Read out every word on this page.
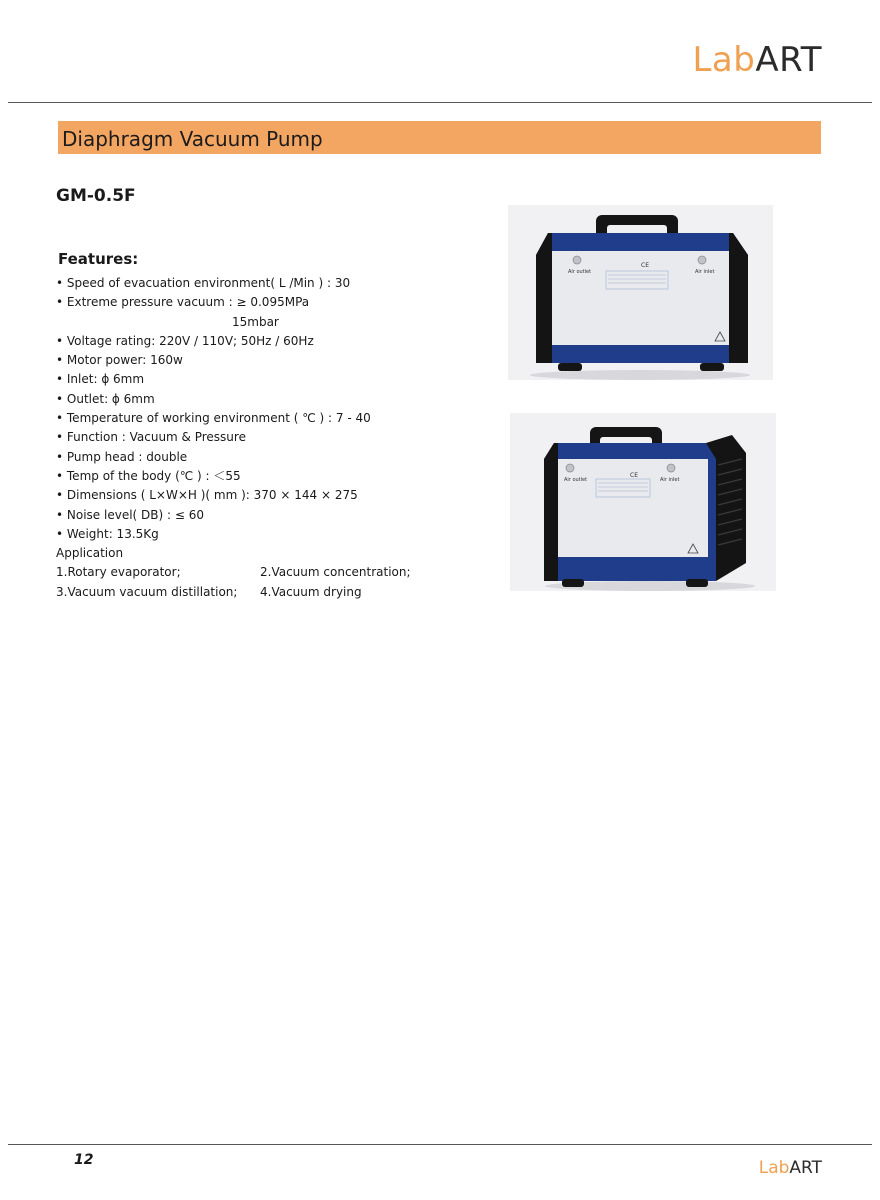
LabART
Diaphragm Vacuum Pump
GM-0.5F
Features:
• Speed of evacuation environment( L /Min ) : 30
• Extreme pressure vacuum : ≥ 0.095MPa
15mbar
• Voltage rating: 220V / 110V; 50Hz / 60Hz
• Motor power: 160w
• Inlet: ϕ 6mm
• Outlet: ϕ 6mm
• Temperature of working environment ( ℃ ) : 7 - 40
• Function : Vacuum & Pressure
• Pump head : double
• Temp of the body (℃ ) : ＜55
• Dimensions ( L×W×H )( mm ): 370 × 144 × 275
• Noise level( DB) : ≤ 60
• Weight: 13.5Kg
Application
1.Rotary evaporator;	2.Vacuum concentration;
3.Vacuum vacuum distillation;	4.Vacuum drying
Air outlet	Air inlet
CE
Air outlet	Air inlet
CE
12	LabART
